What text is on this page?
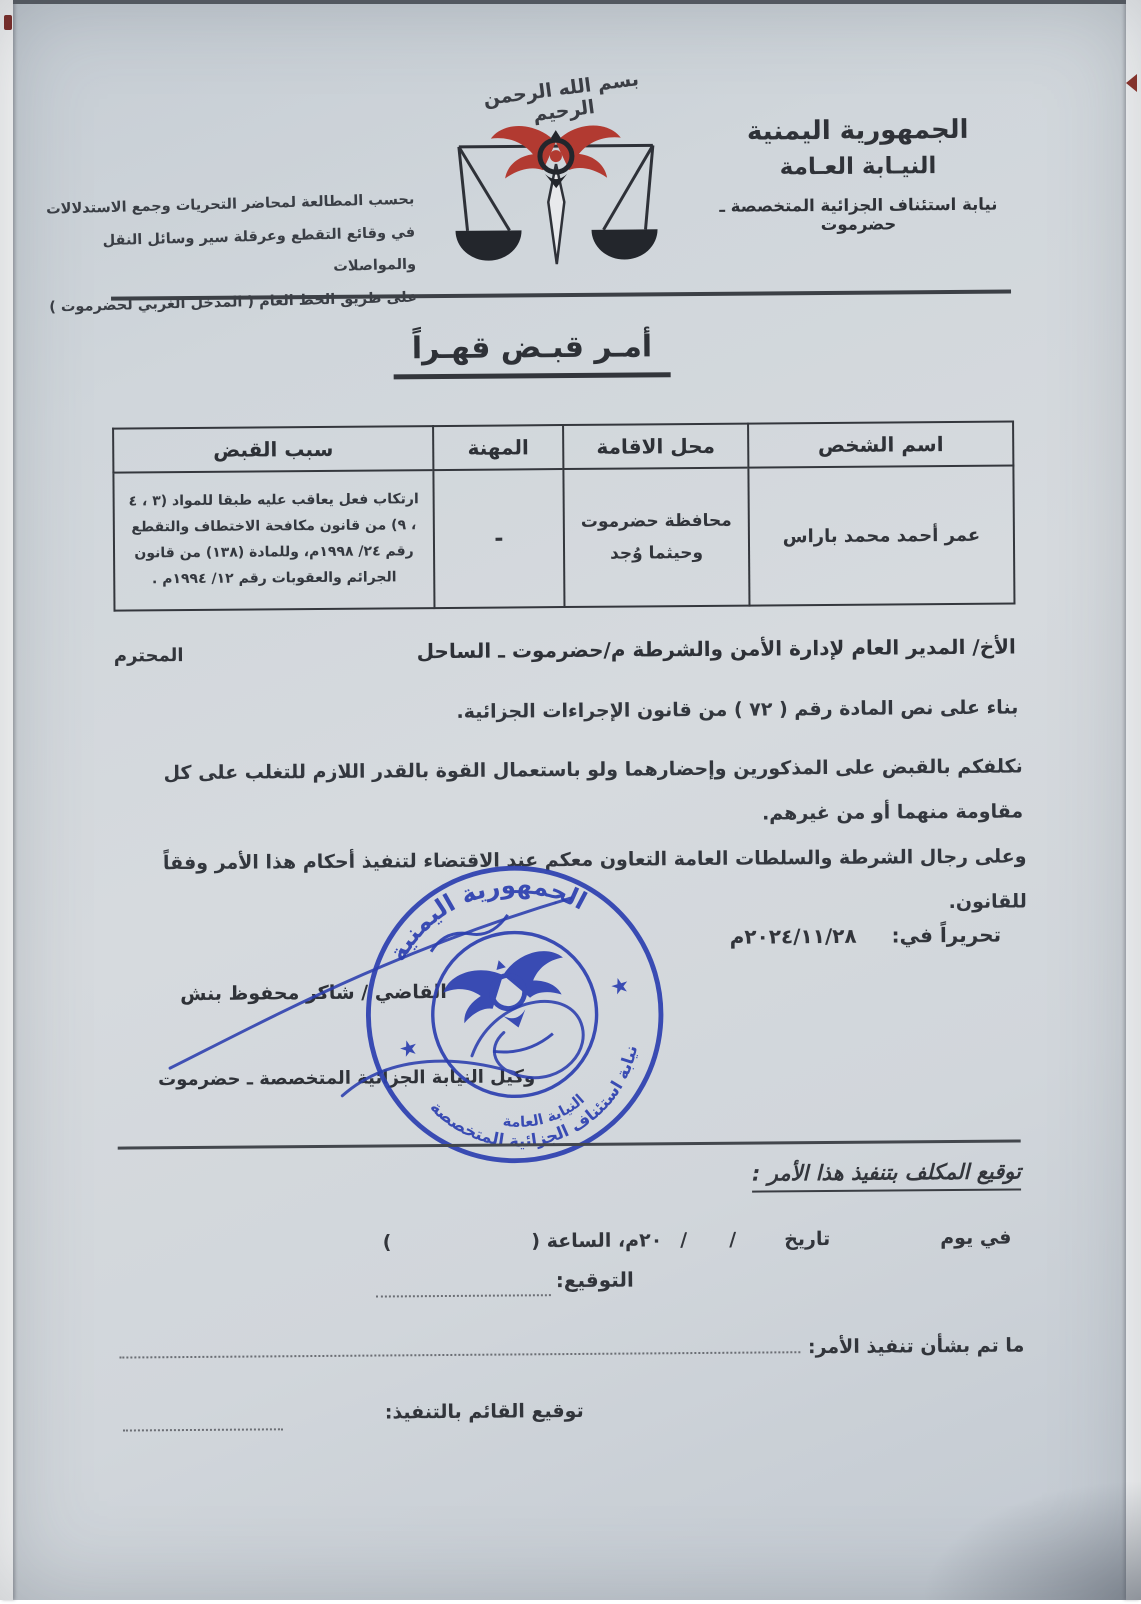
بسم الله الرحمن الرحيم
الجمهورية اليمنية
النيـابة العـامة
نيابة استئناف الجزائية المتخصصة ـ حضرموت
بحسب المطالعة لمحاضر التحريات وجمع الاستدلالات
في وقائع التقطع وعرقلة سير وسائل النقل والمواصلات
على طريق الخط العام ( المدخل الغربي لحضرموت )
أمـر قبـض قهـراً
اسم الشخص	محل الاقامة	المهنة	سبب القبض
عمر أحمد محمد باراس	محافظة حضرموت وحيثما وُجد	-	ارتكاب فعل يعاقب عليه طبقا للمواد (٣ ، ٤ ، ٩) من قانون مكافحة الاختطاف والتقطع رقم ٢٤/ ١٩٩٨م، وللمادة (١٣٨) من قانون الجرائم والعقوبات رقم ١٢/ ١٩٩٤م .
الأخ/ المدير العام لإدارة الأمن والشرطة م/حضرموت ـ الساحل
المحترم
بناء على نص المادة رقم ( ٧٢ ) من قانون الإجراءات الجزائية.
نكلفكم بالقبض على المذكورين وإحضارهما ولو باستعمال القوة بالقدر اللازم للتغلب على كل مقاومة منهما أو من غيرهم.
وعلى رجال الشرطة والسلطات العامة التعاون معكم عند الاقتضاء لتنفيذ أحكام هذا الأمر وفقاً للقانون.
تحريراً في: ٢٠٢٤/١١/٢٨م
القاضي / شاكر محفوظ بنش
وكيل النيابة الجزائية المتخصصة ـ حضرموت
الجمهورية اليمنية
نيابة استئناف الجزائية المتخصصة
النيابة العامة
★
★
توقيع المكلف بتنفيذ هذا الأمر :
في يوم
تاريخ
/
/
٢٠م، الساعة (
)
التوقيع:
ما تم بشأن تنفيذ الأمر:
توقيع القائم بالتنفيذ:
